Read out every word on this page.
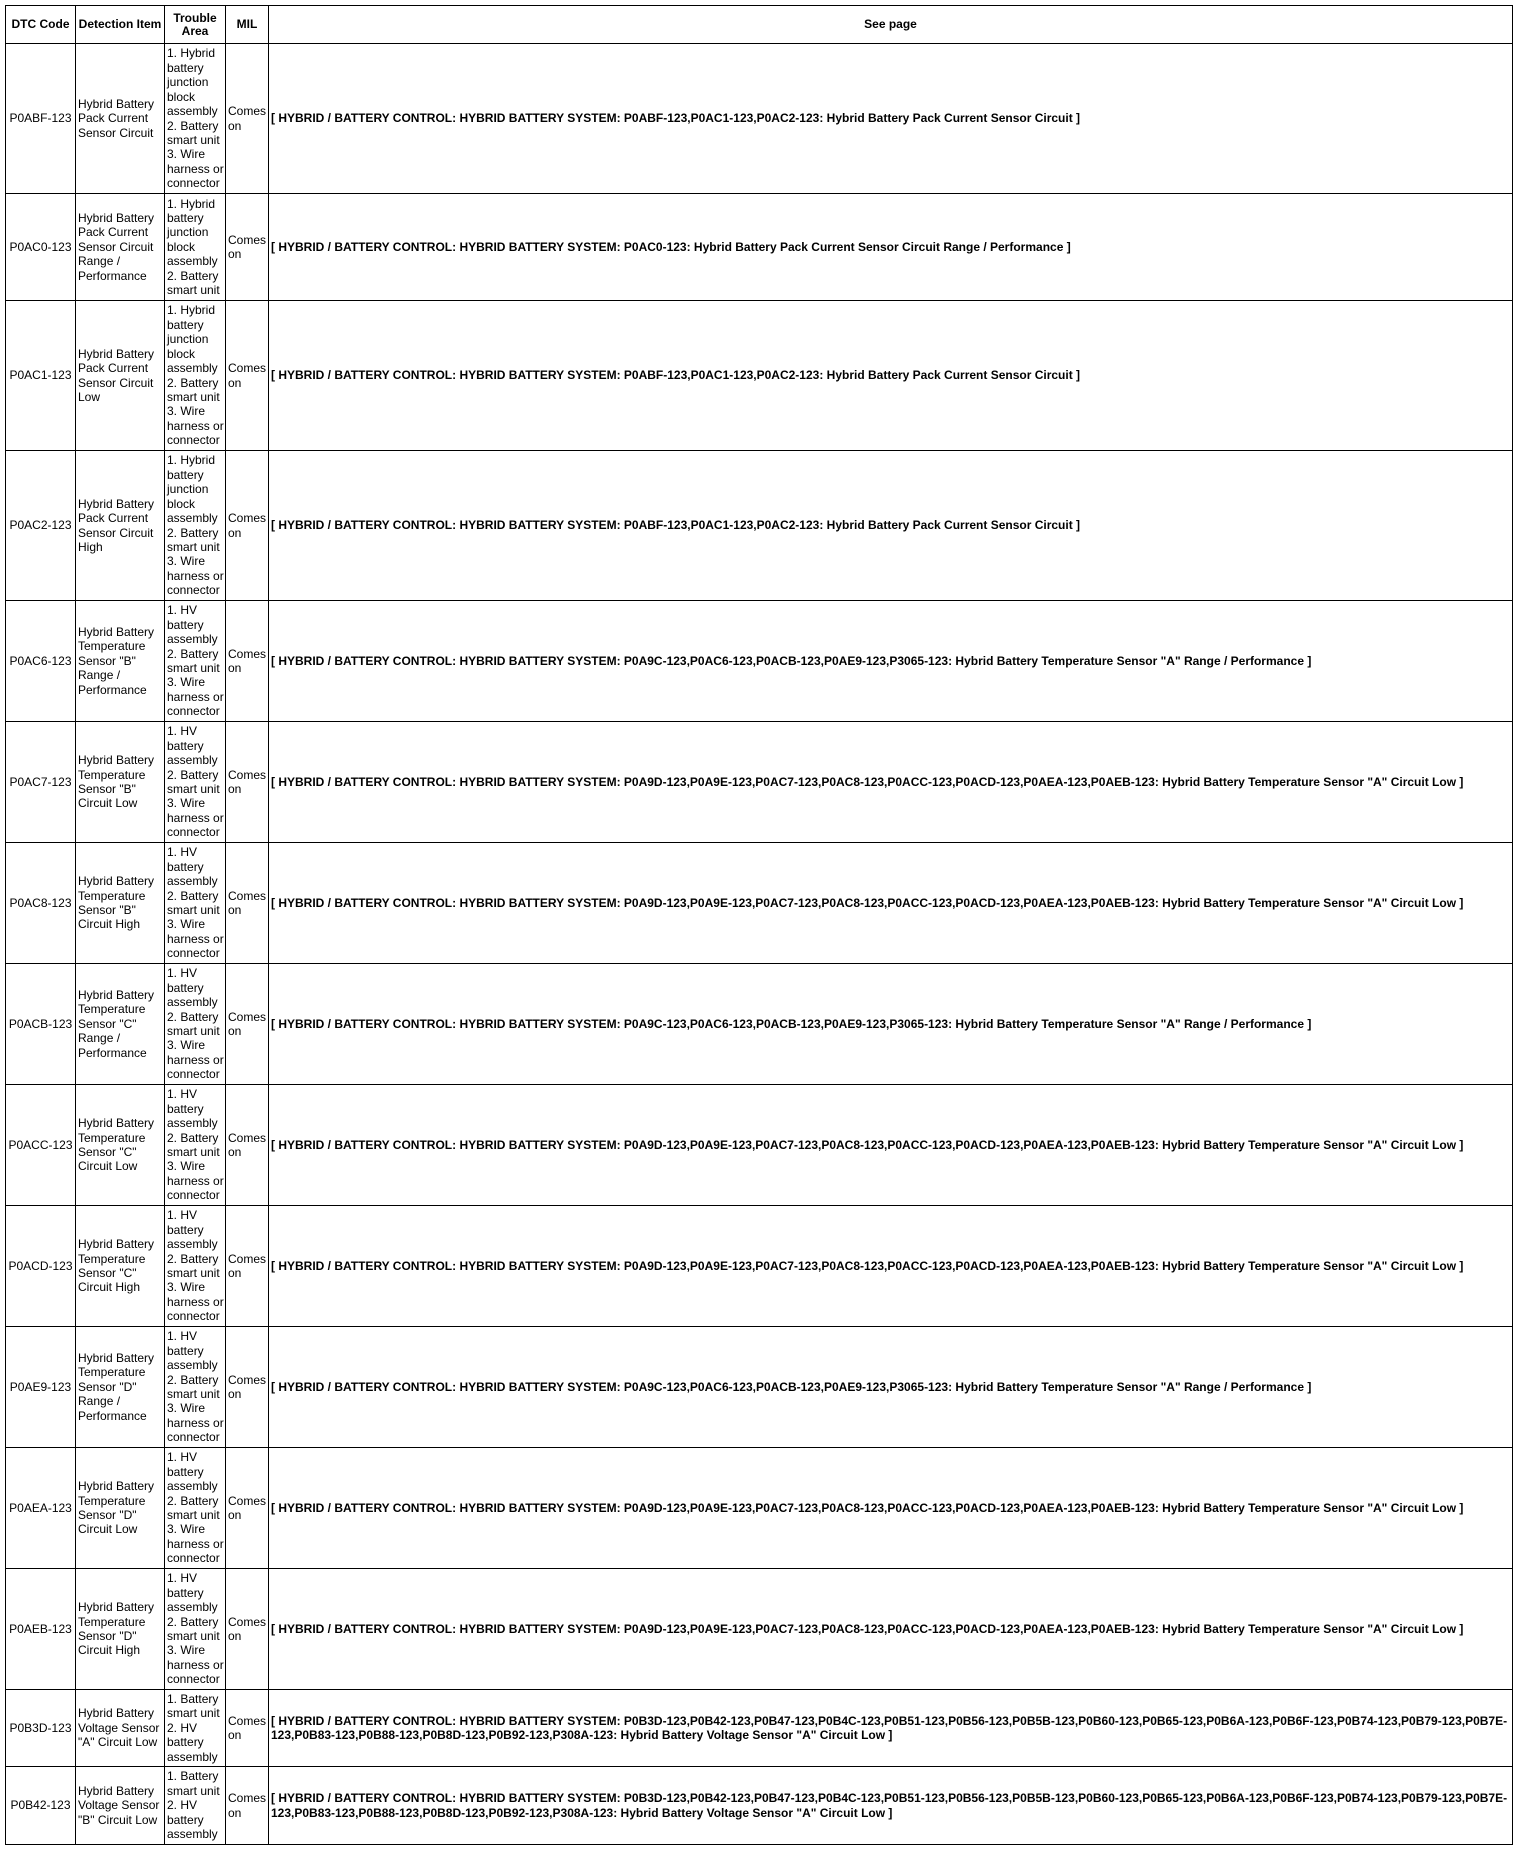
DTC Code	Detection Item	Trouble Area	MIL	See page
P0ABF-123	Hybrid Battery Pack Current Sensor Circuit	1. Hybrid battery junction block assembly 2. Battery smart unit 3. Wire harness or connector	Comes on	[ HYBRID / BATTERY CONTROL: HYBRID BATTERY SYSTEM: P0ABF-123,P0AC1-123,P0AC2-123: Hybrid Battery Pack Current Sensor Circuit ]
P0AC0-123	Hybrid Battery Pack Current Sensor Circuit Range / Performance	1. Hybrid battery junction block assembly 2. Battery smart unit	Comes on	[ HYBRID / BATTERY CONTROL: HYBRID BATTERY SYSTEM: P0AC0-123: Hybrid Battery Pack Current Sensor Circuit Range / Performance ]
P0AC1-123	Hybrid Battery Pack Current Sensor Circuit Low	1. Hybrid battery junction block assembly 2. Battery smart unit 3. Wire harness or connector	Comes on	[ HYBRID / BATTERY CONTROL: HYBRID BATTERY SYSTEM: P0ABF-123,P0AC1-123,P0AC2-123: Hybrid Battery Pack Current Sensor Circuit ]
P0AC2-123	Hybrid Battery Pack Current Sensor Circuit High	1. Hybrid battery junction block assembly 2. Battery smart unit 3. Wire harness or connector	Comes on	[ HYBRID / BATTERY CONTROL: HYBRID BATTERY SYSTEM: P0ABF-123,P0AC1-123,P0AC2-123: Hybrid Battery Pack Current Sensor Circuit ]
P0AC6-123	Hybrid Battery Temperature Sensor "B" Range / Performance	1. HV battery assembly 2. Battery smart unit 3. Wire harness or connector	Comes on	[ HYBRID / BATTERY CONTROL: HYBRID BATTERY SYSTEM: P0A9C-123,P0AC6-123,P0ACB-123,P0AE9-123,P3065-123: Hybrid Battery Temperature Sensor "A" Range / Performance ]
P0AC7-123	Hybrid Battery Temperature Sensor "B" Circuit Low	1. HV battery assembly 2. Battery smart unit 3. Wire harness or connector	Comes on	[ HYBRID / BATTERY CONTROL: HYBRID BATTERY SYSTEM: P0A9D-123,P0A9E-123,P0AC7-123,P0AC8-123,P0ACC-123,P0ACD-123,P0AEA-123,P0AEB-123: Hybrid Battery Temperature Sensor "A" Circuit Low ]
P0AC8-123	Hybrid Battery Temperature Sensor "B" Circuit High	1. HV battery assembly 2. Battery smart unit 3. Wire harness or connector	Comes on	[ HYBRID / BATTERY CONTROL: HYBRID BATTERY SYSTEM: P0A9D-123,P0A9E-123,P0AC7-123,P0AC8-123,P0ACC-123,P0ACD-123,P0AEA-123,P0AEB-123: Hybrid Battery Temperature Sensor "A" Circuit Low ]
P0ACB-123	Hybrid Battery Temperature Sensor "C" Range / Performance	1. HV battery assembly 2. Battery smart unit 3. Wire harness or connector	Comes on	[ HYBRID / BATTERY CONTROL: HYBRID BATTERY SYSTEM: P0A9C-123,P0AC6-123,P0ACB-123,P0AE9-123,P3065-123: Hybrid Battery Temperature Sensor "A" Range / Performance ]
P0ACC-123	Hybrid Battery Temperature Sensor "C" Circuit Low	1. HV battery assembly 2. Battery smart unit 3. Wire harness or connector	Comes on	[ HYBRID / BATTERY CONTROL: HYBRID BATTERY SYSTEM: P0A9D-123,P0A9E-123,P0AC7-123,P0AC8-123,P0ACC-123,P0ACD-123,P0AEA-123,P0AEB-123: Hybrid Battery Temperature Sensor "A" Circuit Low ]
P0ACD-123	Hybrid Battery Temperature Sensor "C" Circuit High	1. HV battery assembly 2. Battery smart unit 3. Wire harness or connector	Comes on	[ HYBRID / BATTERY CONTROL: HYBRID BATTERY SYSTEM: P0A9D-123,P0A9E-123,P0AC7-123,P0AC8-123,P0ACC-123,P0ACD-123,P0AEA-123,P0AEB-123: Hybrid Battery Temperature Sensor "A" Circuit Low ]
P0AE9-123	Hybrid Battery Temperature Sensor "D" Range / Performance	1. HV battery assembly 2. Battery smart unit 3. Wire harness or connector	Comes on	[ HYBRID / BATTERY CONTROL: HYBRID BATTERY SYSTEM: P0A9C-123,P0AC6-123,P0ACB-123,P0AE9-123,P3065-123: Hybrid Battery Temperature Sensor "A" Range / Performance ]
P0AEA-123	Hybrid Battery Temperature Sensor "D" Circuit Low	1. HV battery assembly 2. Battery smart unit 3. Wire harness or connector	Comes on	[ HYBRID / BATTERY CONTROL: HYBRID BATTERY SYSTEM: P0A9D-123,P0A9E-123,P0AC7-123,P0AC8-123,P0ACC-123,P0ACD-123,P0AEA-123,P0AEB-123: Hybrid Battery Temperature Sensor "A" Circuit Low ]
P0AEB-123	Hybrid Battery Temperature Sensor "D" Circuit High	1. HV battery assembly 2. Battery smart unit 3. Wire harness or connector	Comes on	[ HYBRID / BATTERY CONTROL: HYBRID BATTERY SYSTEM: P0A9D-123,P0A9E-123,P0AC7-123,P0AC8-123,P0ACC-123,P0ACD-123,P0AEA-123,P0AEB-123: Hybrid Battery Temperature Sensor "A" Circuit Low ]
P0B3D-123	Hybrid Battery Voltage Sensor "A" Circuit Low	1. Battery smart unit 2. HV battery assembly	Comes on	[ HYBRID / BATTERY CONTROL: HYBRID BATTERY SYSTEM: P0B3D-123,P0B42-123,P0B47-123,P0B4C-123,P0B51-123,P0B56-123,P0B5B-123,P0B60-123,P0B65-123,P0B6A-123,P0B6F-123,P0B74-123,P0B79-123,P0B7E-123,P0B83-123,P0B88-123,P0B8D-123,P0B92-123,P308A-123: Hybrid Battery Voltage Sensor "A" Circuit Low ]
P0B42-123	Hybrid Battery Voltage Sensor "B" Circuit Low	1. Battery smart unit 2. HV battery assembly	Comes on	[ HYBRID / BATTERY CONTROL: HYBRID BATTERY SYSTEM: P0B3D-123,P0B42-123,P0B47-123,P0B4C-123,P0B51-123,P0B56-123,P0B5B-123,P0B60-123,P0B65-123,P0B6A-123,P0B6F-123,P0B74-123,P0B79-123,P0B7E-123,P0B83-123,P0B88-123,P0B8D-123,P0B92-123,P308A-123: Hybrid Battery Voltage Sensor "A" Circuit Low ]
